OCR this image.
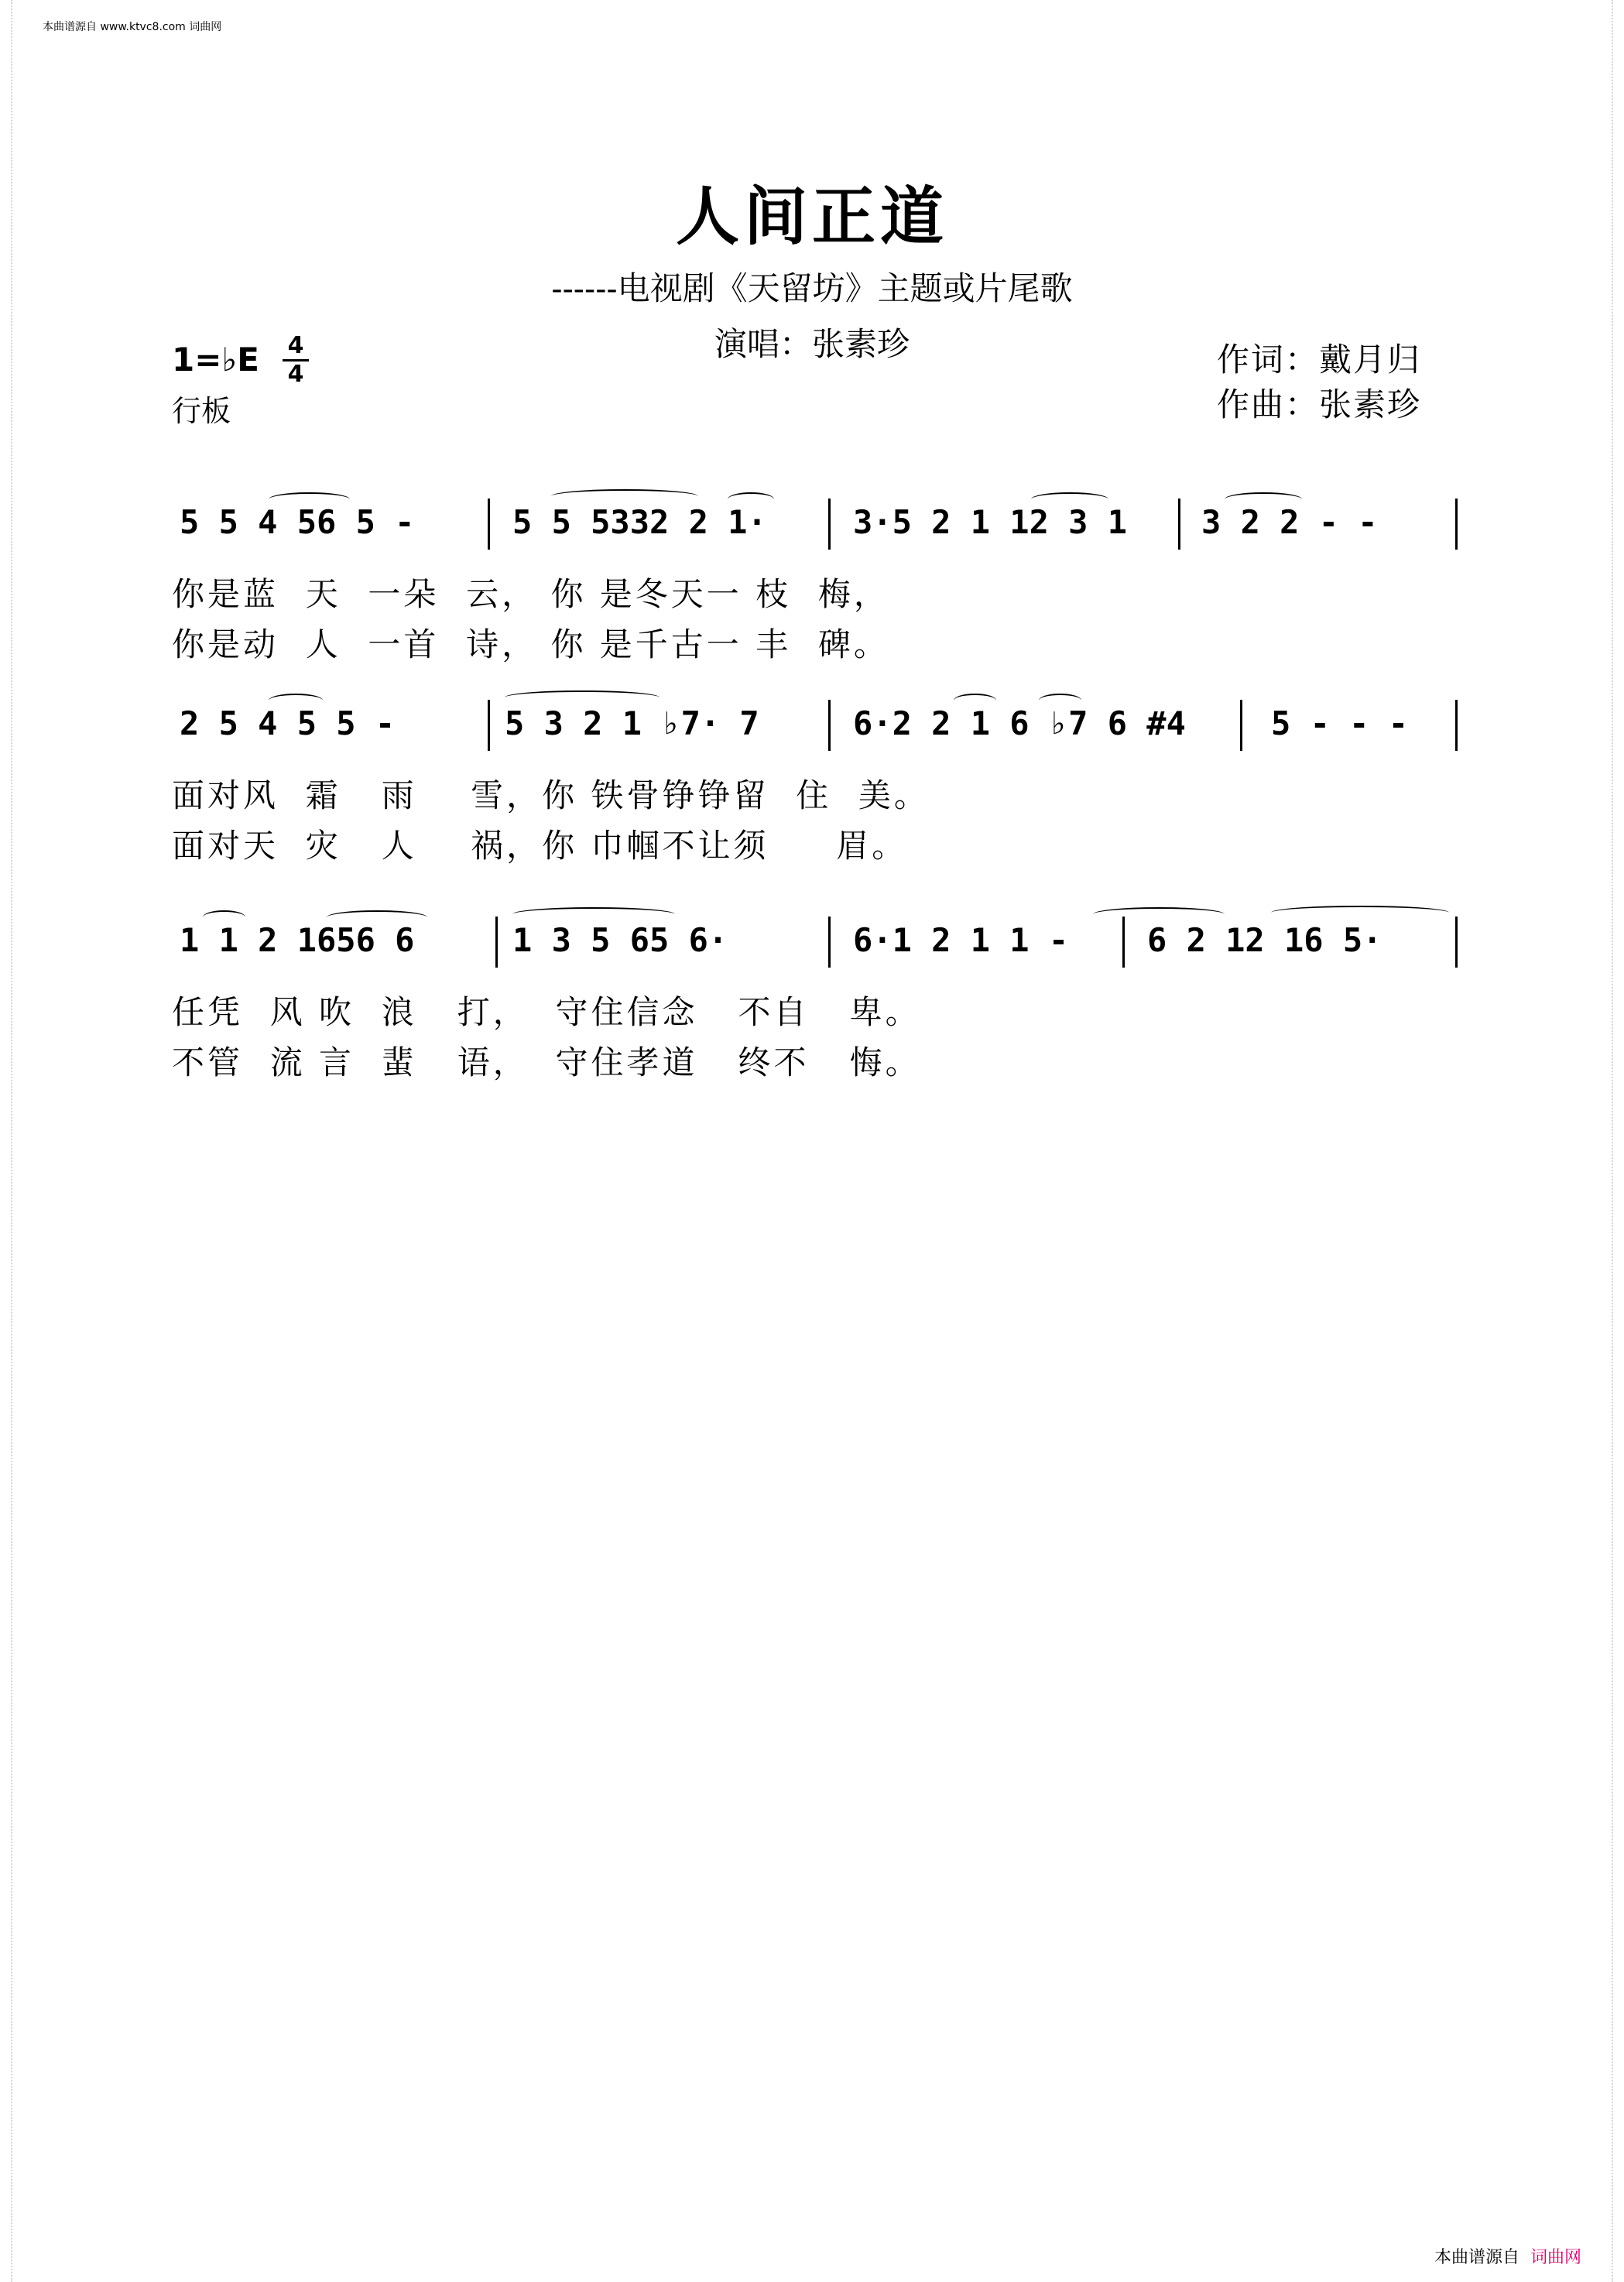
本曲谱源自 www.ktvc8.com 词曲网
人间正道
------电视剧《天留坊》主题或片尾歌
演唱：张素珍
1=♭E 4
4
行板
作词：戴月归
作曲：张素珍
5 5 4 56 5 -	5 5 5332 2 1·	3·5 2 1 12 3 1 3 2 2 - -
你是蓝  天  一朵  云， 你 是冬天一 枝  梅，
你是动  人  一首  诗， 你 是千古一 丰  碑。
2 5 4 5 5 -	5 3 2 1 ♭7· 7	6·2 2 1 6 ♭7 6 #4	5 - - -
面对风  霜   雨    雪，你 铁骨铮铮留  住  美。
面对天  灾   人    祸，你 巾帼不让须     眉。
1 1 2 1656 6	1 3 5 65 6·	6·1 2 1 1 - 6 2 12 16 5·
任凭  风 吹  浪   打，  守住信念   不自   卑。
不管  流 言  蜚   语，  守住孝道   终不   悔。
本曲谱源自 词曲网
